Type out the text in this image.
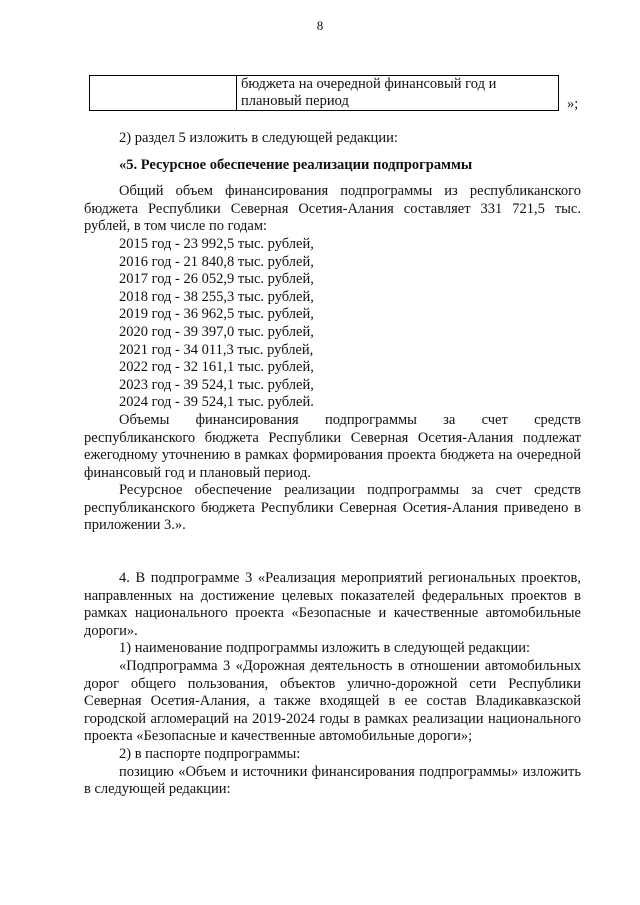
8
	бюджета на очередной финансовый год и
плановый период	»;

2) раздел 5 изложить в следующей редакции:

«5. Ресурсное обеспечение реализации подпрограммы

Общий объем финансирования подпрограммы из республиканского бюджета Республики Северная Осетия-Алания составляет 331 721,5 тыс. рублей, в том числе по годам:

2015 год - 23 992,5 тыс. рублей,

2016 год - 21 840,8 тыс. рублей,

2017 год - 26 052,9 тыс. рублей,

2018 год - 38 255,3 тыс. рублей,

2019 год - 36 962,5 тыс. рублей,

2020 год - 39 397,0 тыс. рублей,

2021 год - 34 011,3 тыс. рублей,

2022 год - 32 161,1 тыс. рублей,

2023 год - 39 524,1 тыс. рублей,

2024 год - 39 524,1 тыс. рублей.

Объемы финансирования подпрограммы за счет средств республиканского бюджета Республики Северная Осетия-Алания подлежат ежегодному уточнению в рамках формирования проекта бюджета на очередной финансовый год и плановый период.

Ресурсное обеспечение реализации подпрограммы за счет средств республиканского бюджета Республики Северная Осетия-Алания приведено в приложении 3.».

4. В подпрограмме 3 «Реализация мероприятий региональных проектов, направленных на достижение целевых показателей федеральных проектов в рамках национального проекта «Безопасные и качественные автомобильные дороги».

1) наименование подпрограммы изложить в следующей редакции:

«Подпрограмма 3 «Дорожная деятельность в отношении автомобильных дорог общего пользования, объектов улично-дорожной сети Республики Северная Осетия-Алания, а также входящей в ее состав Владикавказской городской агломераций на 2019-2024 годы в рамках реализации национального проекта «Безопасные и качественные автомобильные дороги»;

2) в паспорте подпрограммы:

позицию «Объем и источники финансирования подпрограммы» изложить в следующей редакции:
